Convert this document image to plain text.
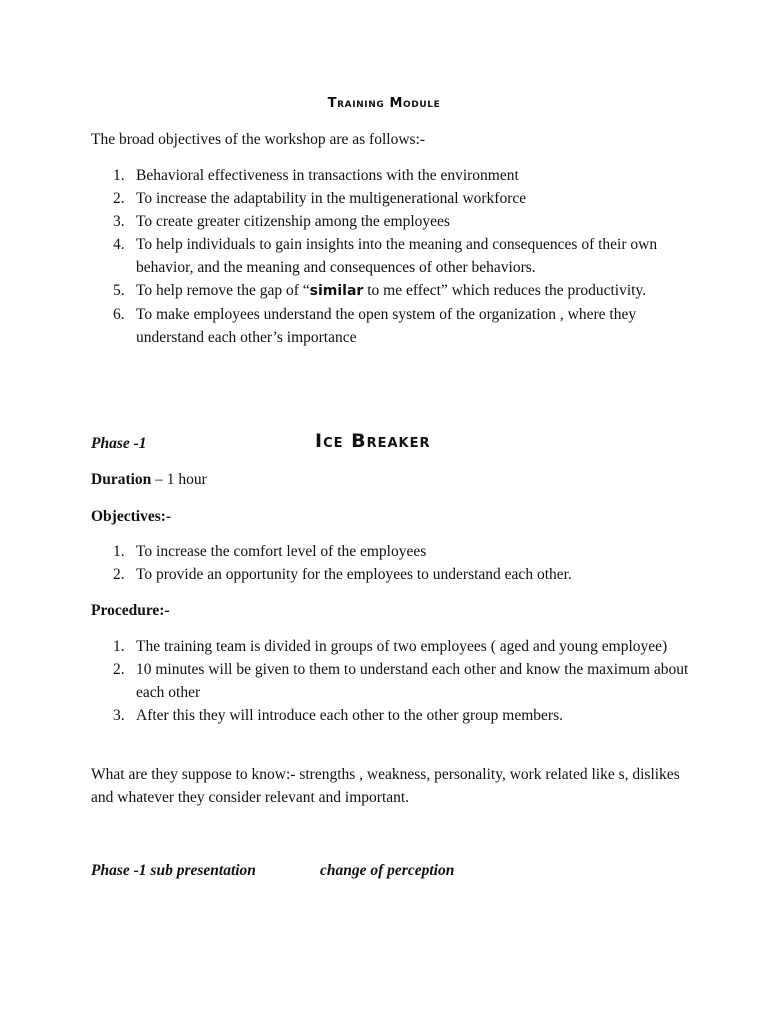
Training Module
The broad objectives of the workshop are as follows:-
1. Behavioral effectiveness in transactions with the environment
2. To increase the adaptability in the multigenerational workforce
3. To create greater citizenship among the employees
4. To help individuals to gain insights into the meaning and consequences of their own behavior, and the meaning and consequences of other behaviors.
5. To help remove the gap of “similar to me effect” which reduces the productivity.
6. To make employees understand the open system of the organization , where they understand each other’s importance
Phase -1	Ice Breaker
Duration – 1 hour
Objectives:-
1. To increase the comfort level of the employees
2. To provide an opportunity for the employees to understand each other.
Procedure:-
1. The training team is divided in groups of two employees ( aged and young employee)
2. 10 minutes will be given to them to understand each other and know the maximum about each other
3. After this they will introduce each other to the other group members.
What are they suppose to know:- strengths , weakness, personality, work related like s, dislikes and whatever they consider relevant and important.
Phase -1 sub presentation	change of perception
